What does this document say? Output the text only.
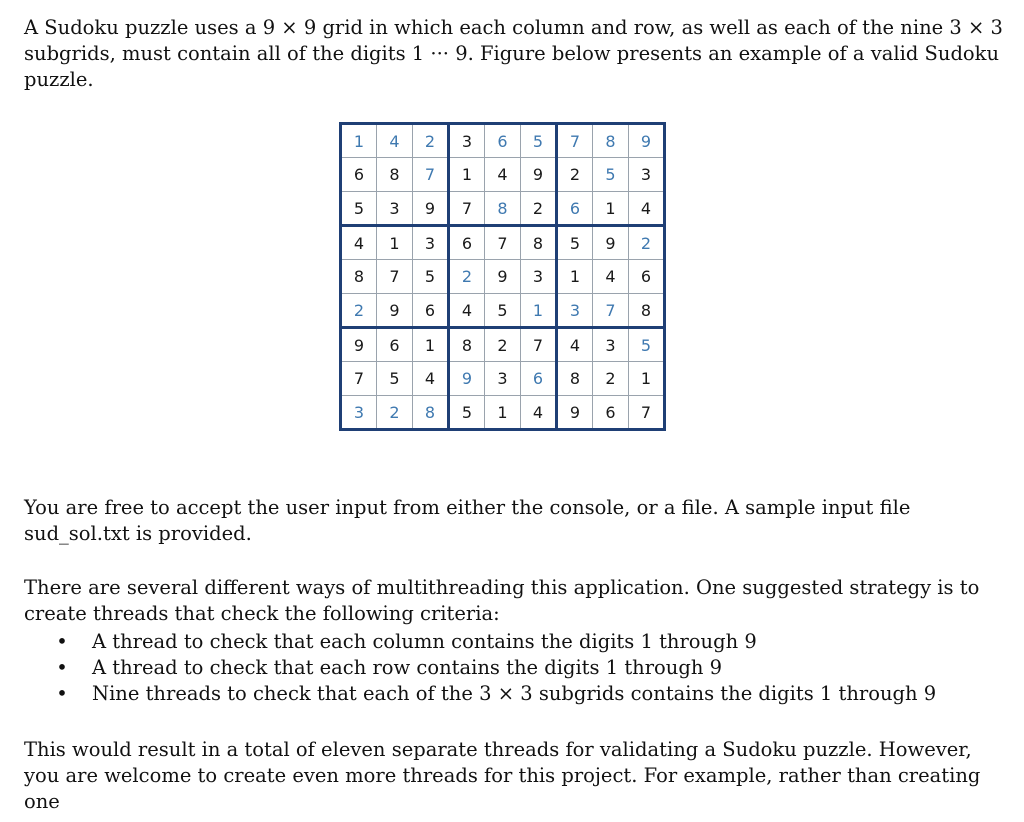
A Sudoku puzzle uses a 9 × 9 grid in which each column and row, as well as each of the nine 3 × 3 subgrids, must contain all of the digits 1 ··· 9. Figure below presents an example of a valid Sudoku puzzle.

1	4	2	3	6	5	7	8	9
6	8	7	1	4	9	2	5	3
5	3	9	7	8	2	6	1	4
4	1	3	6	7	8	5	9	2
8	7	5	2	9	3	1	4	6
2	9	6	4	5	1	3	7	8
9	6	1	8	2	7	4	3	5
7	5	4	9	3	6	8	2	1
3	2	8	5	1	4	9	6	7

You are free to accept the user input from either the console, or a file. A sample input file sud_sol.txt is provided.

There are several different ways of multithreading this application. One suggested strategy is to create threads that check the following criteria:

• A thread to check that each column contains the digits 1 through 9
• A thread to check that each row contains the digits 1 through 9
• Nine threads to check that each of the 3 × 3 subgrids contains the digits 1 through 9

This would result in a total of eleven separate threads for validating a Sudoku puzzle. However, you are welcome to create even more threads for this project. For example, rather than creating one
